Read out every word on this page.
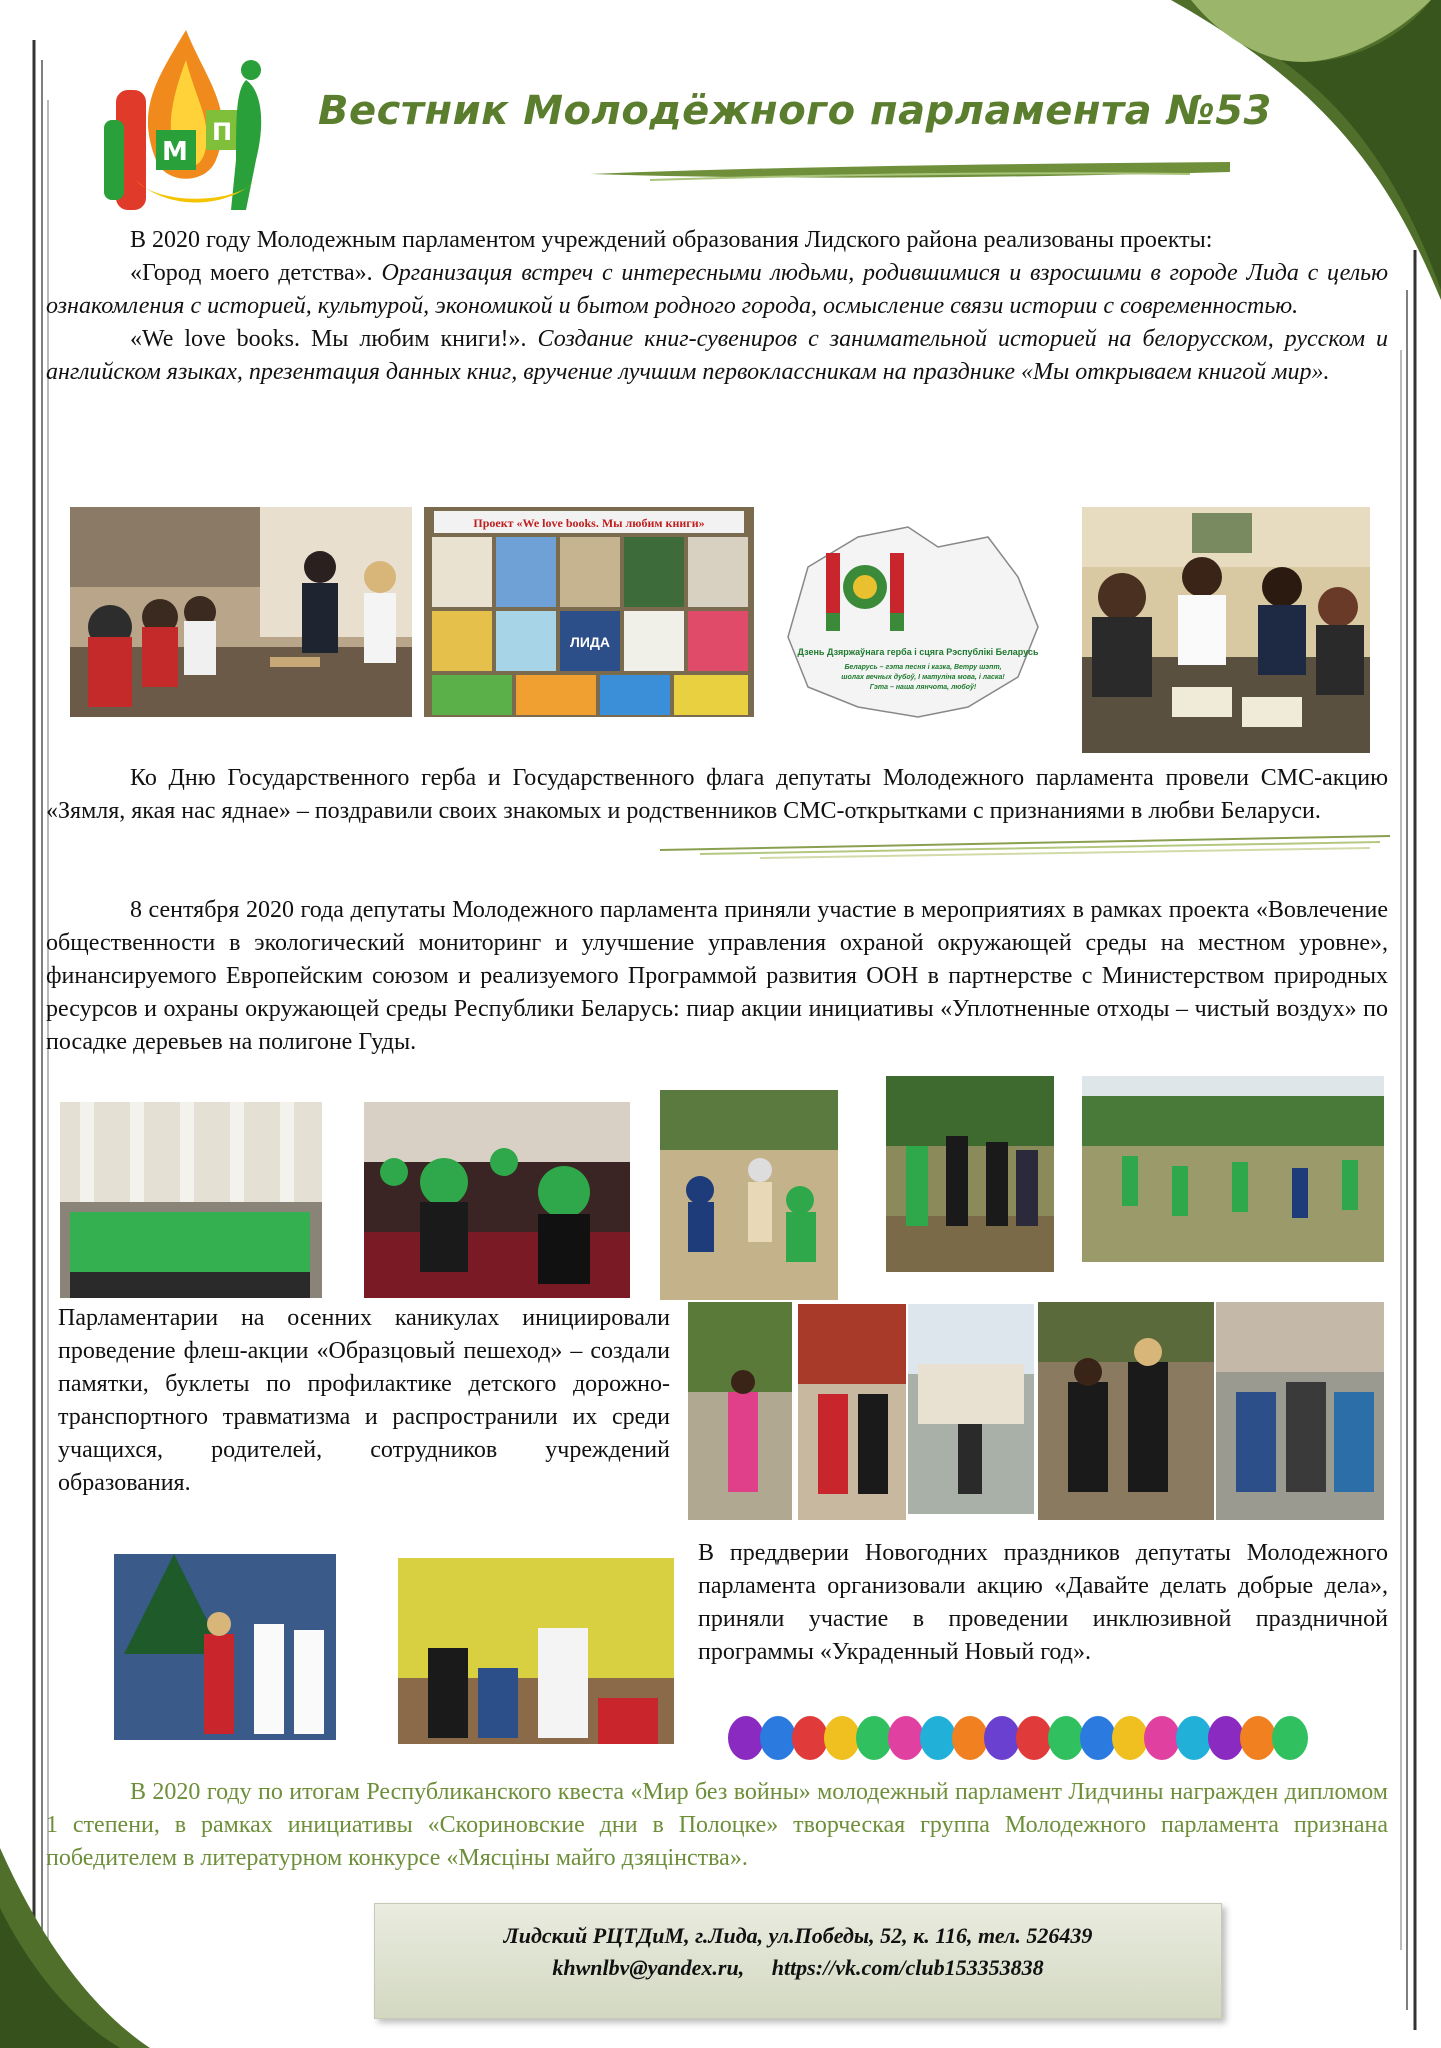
М
П Вестник Молодёжного парламента №53
В 2020 году Молодежным парламентом учреждений образования Лидского района реализованы проекты:
«Город моего детства». Организация встреч с интересными людьми, родившимися и взросшими в городе Лида с целью ознакомления с историей, культурой, экономикой и бытом родного города, осмысление связи истории с современностью.
«We love books. Мы любим книги!». Создание книг-сувениров с занимательной историей на белорусском, русском и английском языках, презентация данных книг, вручение лучшим первоклассникам на празднике «Мы открываем книгой мир».
Проект «We love books. Мы любим книги»
ЛИДА
Дзень Дзяржаўнага герба і сцяга Рэспублікі Беларусь
Беларусь – гэта песня і казка, Ветру шэпт, шолах вечных дубоў, І матуліна мова, і ласка! Гэта – наша лянчота, любоў!
Ко Дню Государственного герба и Государственного флага депутаты Молодежного парламента провели СМС-акцию «Зямля, якая нас яднае» – поздравили своих знакомых и родственников СМС-открытками с признаниями в любви Беларуси.
8 сентября 2020 года депутаты Молодежного парламента приняли участие в мероприятиях в рамках проекта «Вовлечение общественности в экологический мониторинг и улучшение управления охраной окружающей среды на местном уровне», финансируемого Европейским союзом и реализуемого Программой развития ООН в партнерстве с Министерством природных ресурсов и охраны окружающей среды Республики Беларусь: пиар акции инициативы «Уплотненные отходы – чистый воздух» по посадке деревьев на полигоне Гуды.
Парламентарии на осенних каникулах инициировали проведение флеш-акции «Образцовый пешеход» – создали памятки, буклеты по профилактике детского дорожно-транспортного травматизма и распространили их среди учащихся, родителей, сотрудников учреждений образования.
В преддверии Новогодних праздников депутаты Молодежного парламента организовали акцию «Давайте делать добрые дела», приняли участие в проведении инклюзивной праздничной программы «Украденный Новый год».
В 2020 году по итогам Республиканского квеста «Мир без войны» молодежный парламент Лидчины награжден дипломом 1 степени, в рамках инициативы «Скориновские дни в Полоцке» творческая группа Молодежного парламента признана победителем в литературном конкурсе «Мясціны майго дзяцінства».
Лидский РЦТДиМ, г.Лида, ул.Победы, 52, к. 116, тел. 526439
khwnlbv@yandex.ru, https://vk.com/club153353838
